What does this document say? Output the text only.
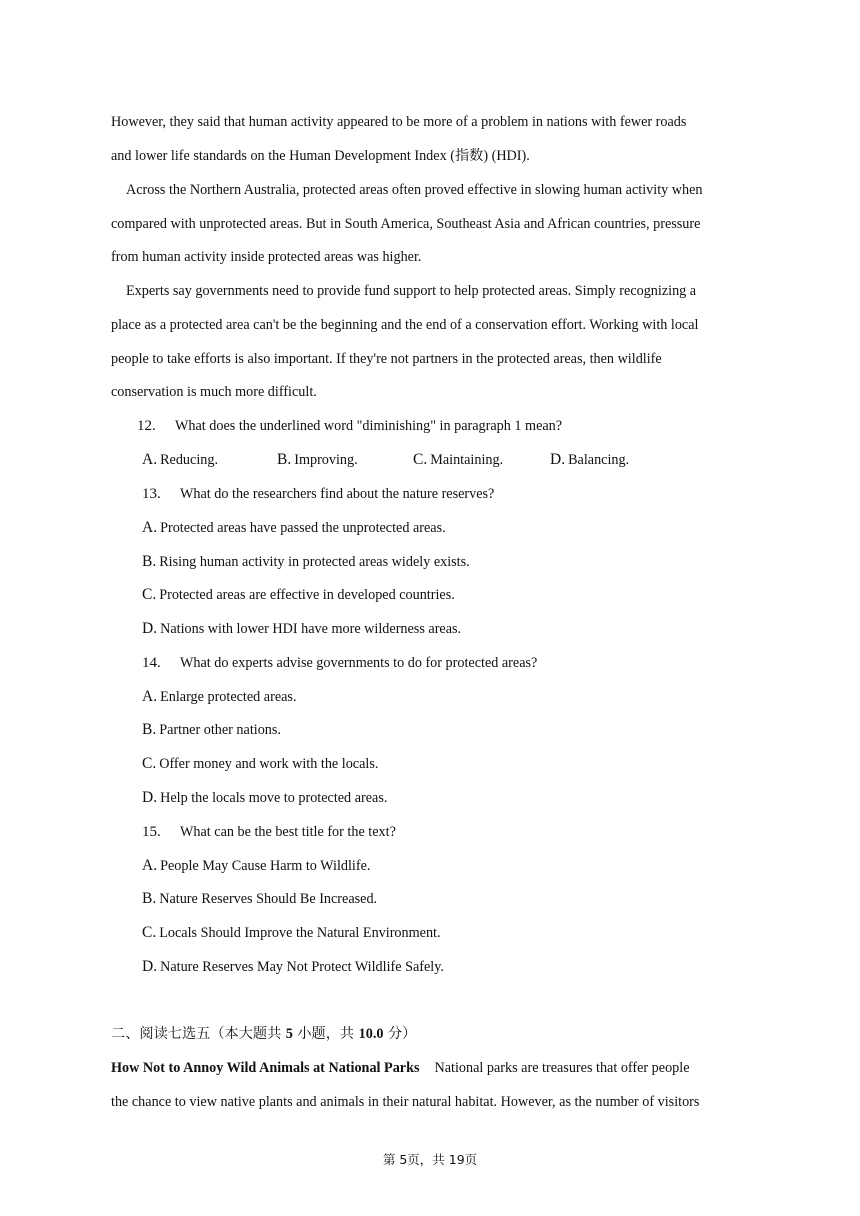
However, they said that human activity appeared to be more of a problem in nations with fewer roads
and lower life standards on the Human Development Index (指数) (HDI).
Across the Northern Australia, protected areas often proved effective in slowing human activity when
compared with unprotected areas. But in South America, Southeast Asia and African countries, pressure
from human activity inside protected areas was higher.
Experts say governments need to provide fund support to help protected areas. Simply recognizing a
place as a protected area can't be the beginning and the end of a conservation effort. Working with local
people to take efforts is also important. If they're not partners in the protected areas, then wildlife
conservation is much more difficult.
12. What does the underlined word "diminishing" in paragraph 1 mean?
A. Reducing.	B. Improving.	C. Maintaining.	D. Balancing.
13. What do the researchers find about the nature reserves?
A. Protected areas have passed the unprotected areas.
B. Rising human activity in protected areas widely exists.
C. Protected areas are effective in developed countries.
D. Nations with lower HDI have more wilderness areas.
14. What do experts advise governments to do for protected areas?
A. Enlarge protected areas.
B. Partner other nations.
C. Offer money and work with the locals.
D. Help the locals move to protected areas.
15. What can be the best title for the text?
A. People May Cause Harm to Wildlife.
B. Nature Reserves Should Be Increased.
C. Locals Should Improve the Natural Environment.
D. Nature Reserves May Not Protect Wildlife Safely.
二、阅读七选五（本大题共 5 小题，共 10.0 分）
How Not to Annoy Wild Animals at National Parks National parks are treasures that offer people
the chance to view native plants and animals in their natural habitat. However, as the number of visitors
第 5页，共 19页
